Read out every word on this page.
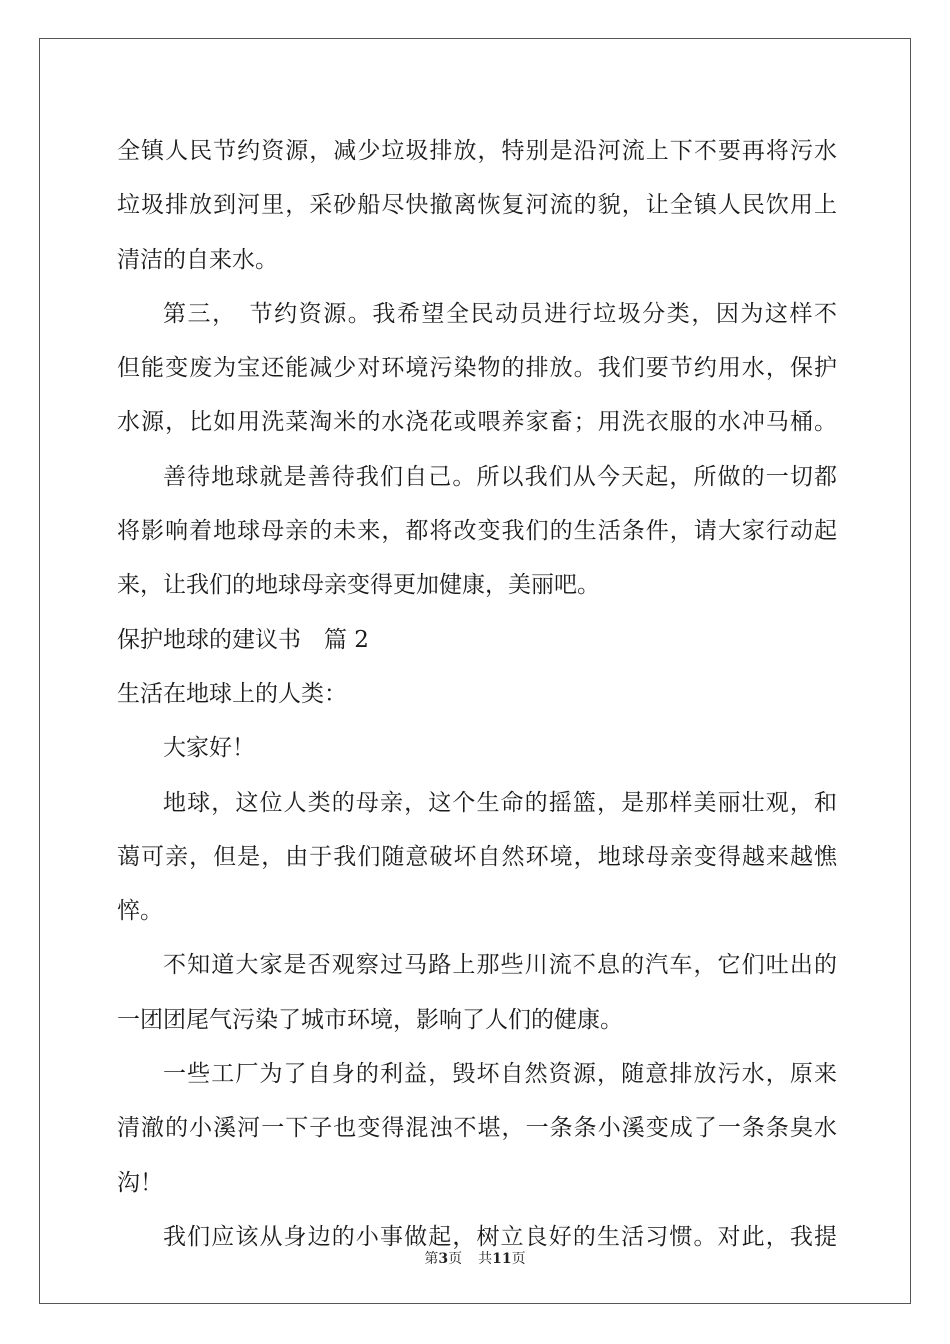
全镇人民节约资源，减少垃圾排放，特别是沿河流上下不要再将污水
垃圾排放到河里，采砂船尽快撤离恢复河流的貌，让全镇人民饮用上
清洁的自来水。
第三，　节约资源。我希望全民动员进行垃圾分类，因为这样不
但能变废为宝还能减少对环境污染物的排放。我们要节约用水，保护
水源，比如用洗菜淘米的水浇花或喂养家畜；用洗衣服的水冲马桶。
善待地球就是善待我们自己。所以我们从今天起，所做的一切都
将影响着地球母亲的未来，都将改变我们的生活条件，请大家行动起
来，让我们的地球母亲变得更加健康，美丽吧。
保护地球的建议书　篇 2
生活在地球上的人类：
大家好！
地球，这位人类的母亲，这个生命的摇篮，是那样美丽壮观，和
蔼可亲，但是，由于我们随意破坏自然环境，地球母亲变得越来越憔
悴。
不知道大家是否观察过马路上那些川流不息的汽车，它们吐出的
一团团尾气污染了城市环境，影响了人们的健康。
一些工厂为了自身的利益，毁坏自然资源，随意排放污水，原来
清澈的小溪河一下子也变得混浊不堪，一条条小溪变成了一条条臭水
沟！
我们应该从身边的小事做起，树立良好的生活习惯。对此，我提
第3页 共11页
